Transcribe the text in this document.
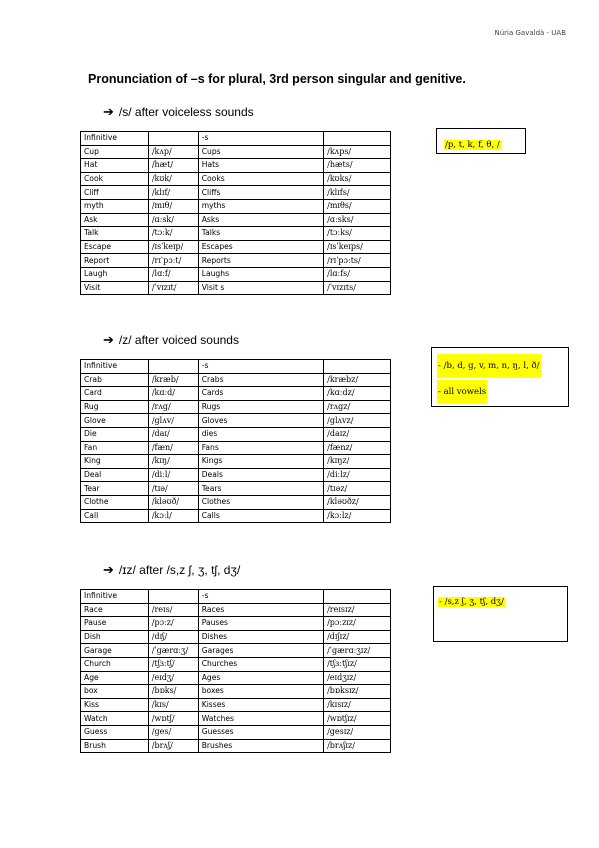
Núria Gavaldà - UAB
Pronunciation of –s for plural, 3rd person singular and genitive.
➔ /s/ after voiceless sounds
Infinitive		-s	
Cup	/kʌp/	Cups	/kʌps/
Hat	/hæt/	Hats	/hæts/
Cook	/kʊk/	Cooks	/kʊks/
Cliff	/klɪf/	Cliffs	/klɪfs/
myth	/mɪθ/	myths	/mɪθs/
Ask	/ɑːsk/	Asks	/ɑːsks/
Talk	/tɔːk/	Talks	/tɔːks/
Escape	/ɪsˈkeɪp/	Escapes	/ɪsˈkeɪps/
Report	/rɪˈpɔːt/	Reports	/rɪˈpɔːts/
Laugh	/lɑːf/	Laughs	/lɑːfs/
Visit	/ˈvɪzɪt/	Visit s	/ˈvɪzɪts/
/p, t, k, f, θ, /
➔ /z/ after voiced sounds
Infinitive		-s	
Crab	/kræb/	Crabs	/kræbz/
Card	/kɑːd/	Cards	/kɑːdz/
Rug	/rʌg/	Rugs	/rʌgz/
Glove	/glʌv/	Gloves	/glʌvz/
Die	/daɪ/	dies	/daɪz/
Fan	/fæn/	Fans	/fænz/
King	/kɪŋ/	Kings	/kɪŋz/
Deal	/diːl/	Deals	/diːlz/
Tear	/tɪə/	Tears	/tɪəz/
Clothe	/kləʊð/	Clothes	/kləʊðz/
Call	/kɔːl/	Calls	/kɔːlz/
- /b, d, g, v, m, n, ŋ, l, ð/
- all vowels
➔ /ɪz/ after /s,z ʃ, ʒ, tʃ, dʒ/
Infinitive		-s	
Race	/reɪs/	Races	/reɪsɪz/
Pause	/pɔːz/	Pauses	/pɔːzɪz/
Dish	/dɪʃ/	Dishes	/dɪʃɪz/
Garage	/ˈgærɑːʒ/	Garages	/ˈgærɑːʒɪz/
Church	/tʃɜːtʃ/	Churches	/tʃɜːtʃɪz/
Age	/eɪdʒ/	Ages	/eɪdʒɪz/
box	/bɒks/	boxes	/bɒksɪz/
Kiss	/kɪs/	Kisses	/kɪsɪz/
Watch	/wɒtʃ/	Watches	/wɒtʃɪz/
Guess	/ges/	Guesses	/gesɪz/
Brush	/brʌʃ/	Brushes	/brʌʃɪz/
- /s,z ʃ, ʒ, tʃ, dʒ/
